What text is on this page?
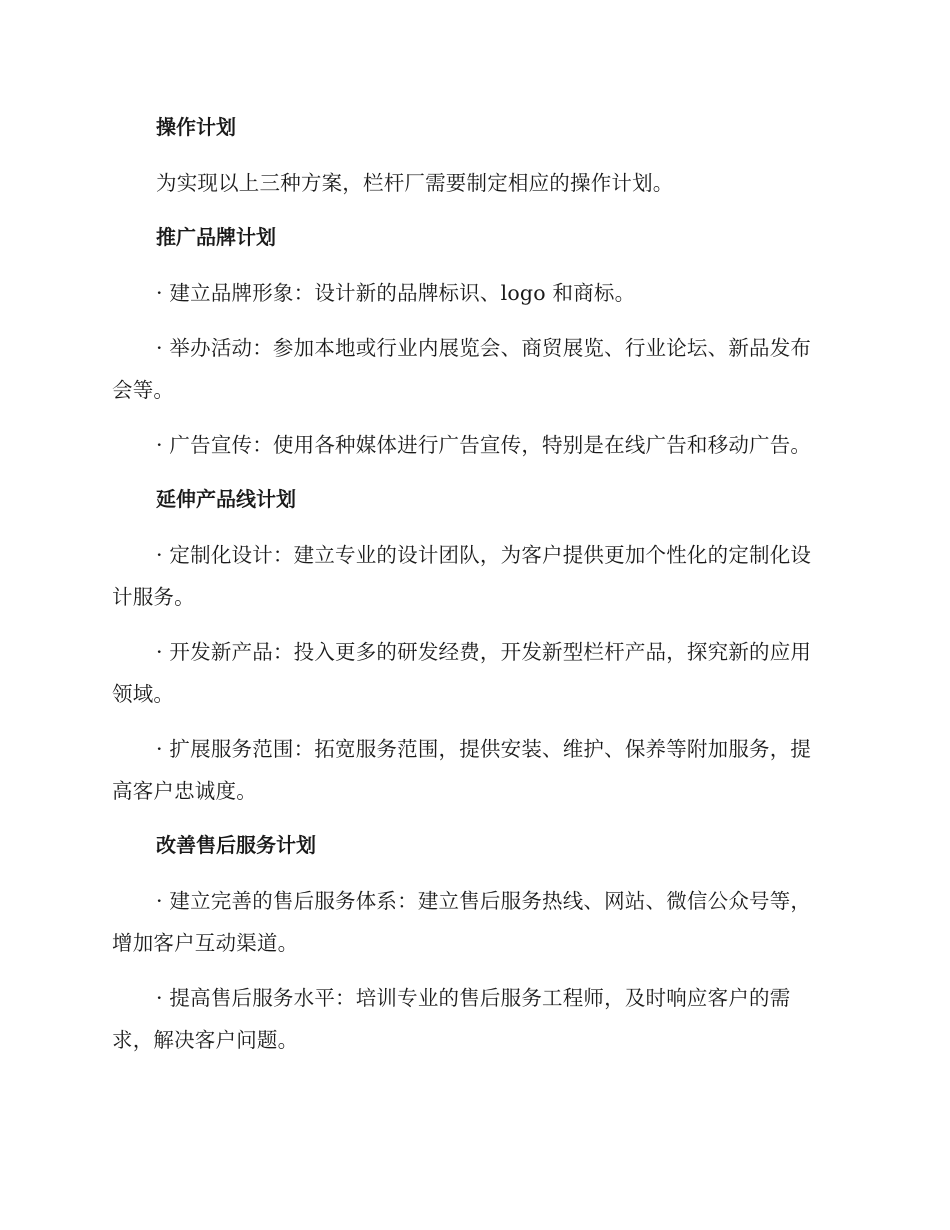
操作计划
为实现以上三种方案，栏杆厂需要制定相应的操作计划。
推广品牌计划
· 建立品牌形象：设计新的品牌标识、logo 和商标。
· 举办活动：参加本地或行业内展览会、商贸展览、行业论坛、新品发布会等。
· 广告宣传：使用各种媒体进行广告宣传，特别是在线广告和移动广告。
延伸产品线计划
· 定制化设计：建立专业的设计团队，为客户提供更加个性化的定制化设计服务。
· 开发新产品：投入更多的研发经费，开发新型栏杆产品，探究新的应用领域。
· 扩展服务范围：拓宽服务范围，提供安装、维护、保养等附加服务，提高客户忠诚度。
改善售后服务计划
· 建立完善的售后服务体系：建立售后服务热线、网站、微信公众号等，增加客户互动渠道。
· 提高售后服务水平：培训专业的售后服务工程师，及时响应客户的需求，解决客户问题。
